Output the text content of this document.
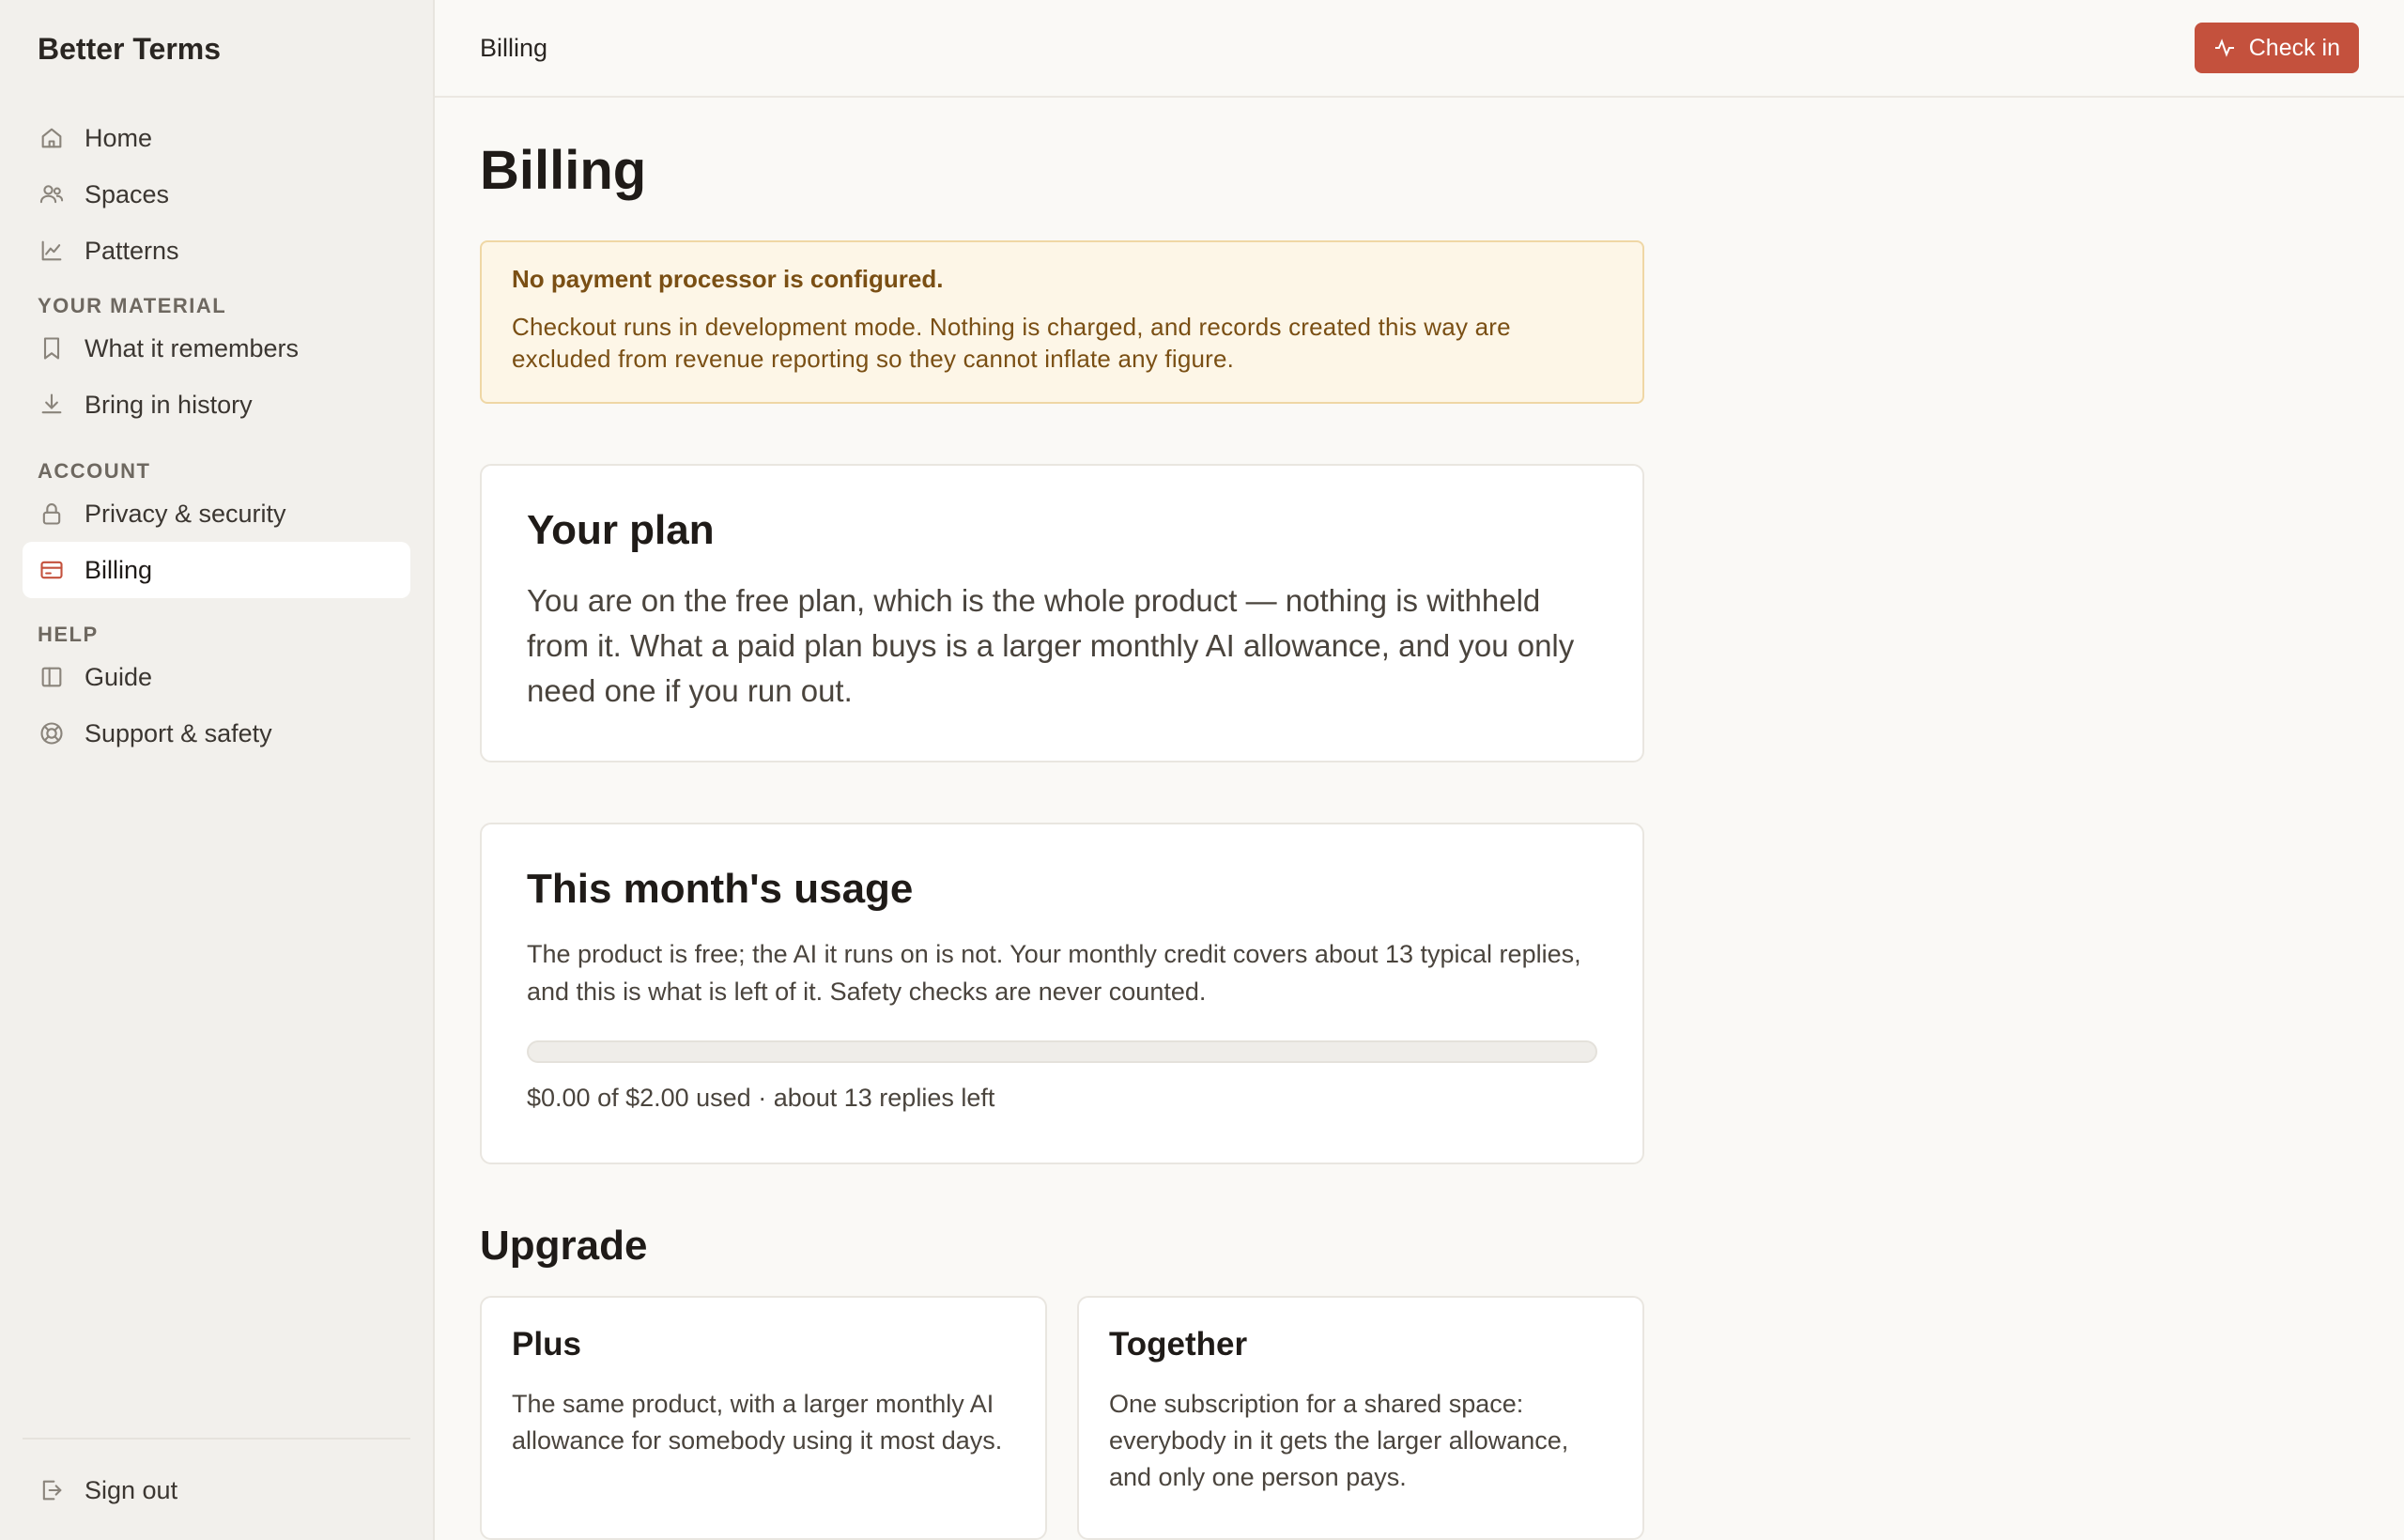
Better Terms
Home
Spaces
Patterns
YOUR MATERIAL
What it remembers
Bring in history
ACCOUNT
Privacy & security
Billing
HELP
Guide
Support & safety
Sign out
Billing	Check in
Billing
No payment processor is configured.
Checkout runs in development mode. Nothing is charged, and records created this way are excluded from revenue reporting so they cannot inflate any figure.
Your plan

You are on the free plan, which is the whole product — nothing is withheld from it. What a paid plan buys is a larger monthly AI allowance, and you only need one if you run out.

This month's usage

The product is free; the AI it runs on is not. Your monthly credit covers about 13 typical replies, and this is what is left of it. Safety checks are never counted.

$0.00 of $2.00 used · about 13 replies left
Upgrade
Plus
The same product, with a larger monthly AI allowance for somebody using it most days.
Together
One subscription for a shared space: everybody in it gets the larger allowance, and only one person pays.
